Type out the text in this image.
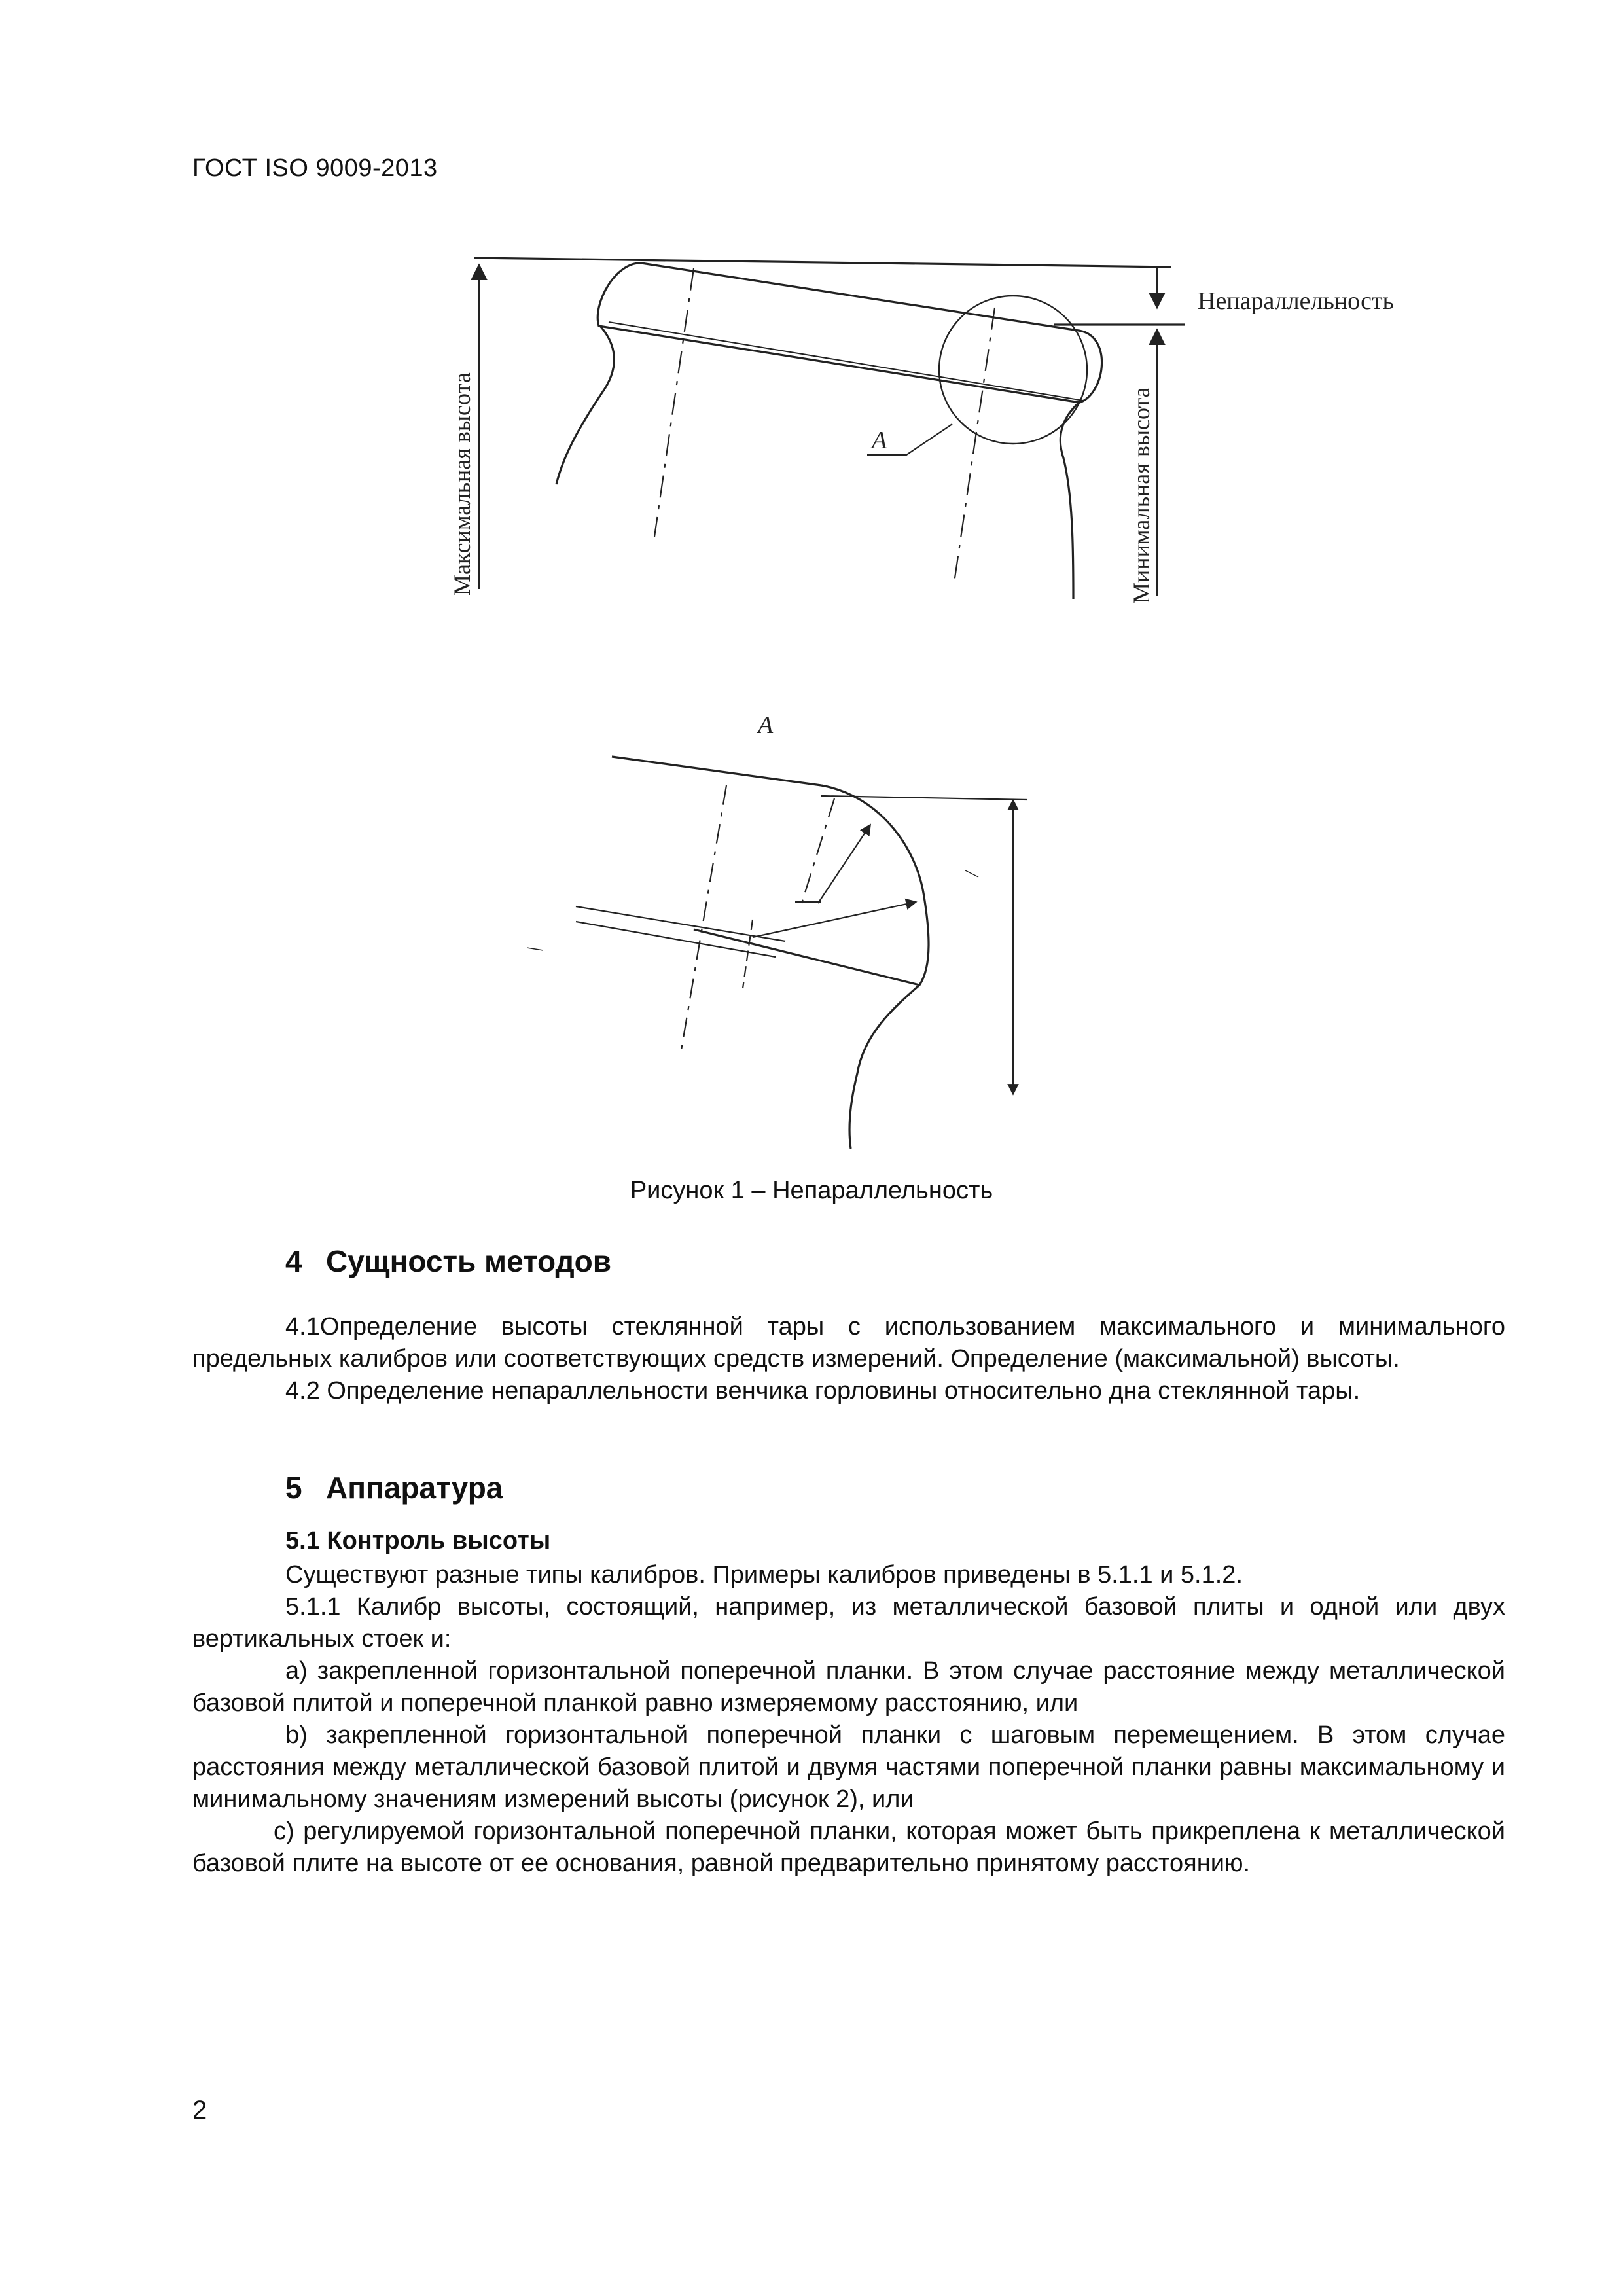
ГОСТ ISO 9009-2013
Непараллельность
Максимальная высота	Минимальная высота
A
A
Рисунок 1 – Непараллельность
4 Сущность методов

4.1Определение высоты стеклянной тары с использованием максимального и минимального предельных калибров или соответствующих средств измерений. Определение (максимальной) высоты.

4.2 Определение непараллельности венчика горловины относительно дна стеклянной тары.

5 Аппаратура
5.1 Контроль высоты

Существуют разные типы калибров. Примеры калибров приведены в 5.1.1 и 5.1.2.

5.1.1 Калибр высоты, состоящий, например, из металлической базовой плиты и одной или двух вертикальных стоек и:

a) закрепленной горизонтальной поперечной планки. В этом случае расстояние между металлической базовой плитой и поперечной планкой равно измеряемому расстоянию, или

b) закрепленной горизонтальной поперечной планки с шаговым перемещением. В этом случае расстояния между металлической базовой плитой и двумя частями поперечной планки равны максимальному и минимальному значениям измерений высоты (рисунок 2), или

c) регулируемой горизонтальной поперечной планки, которая может быть прикреплена к металлической базовой плите на высоте от ее основания, равной предварительно принятому расстоянию.

2
